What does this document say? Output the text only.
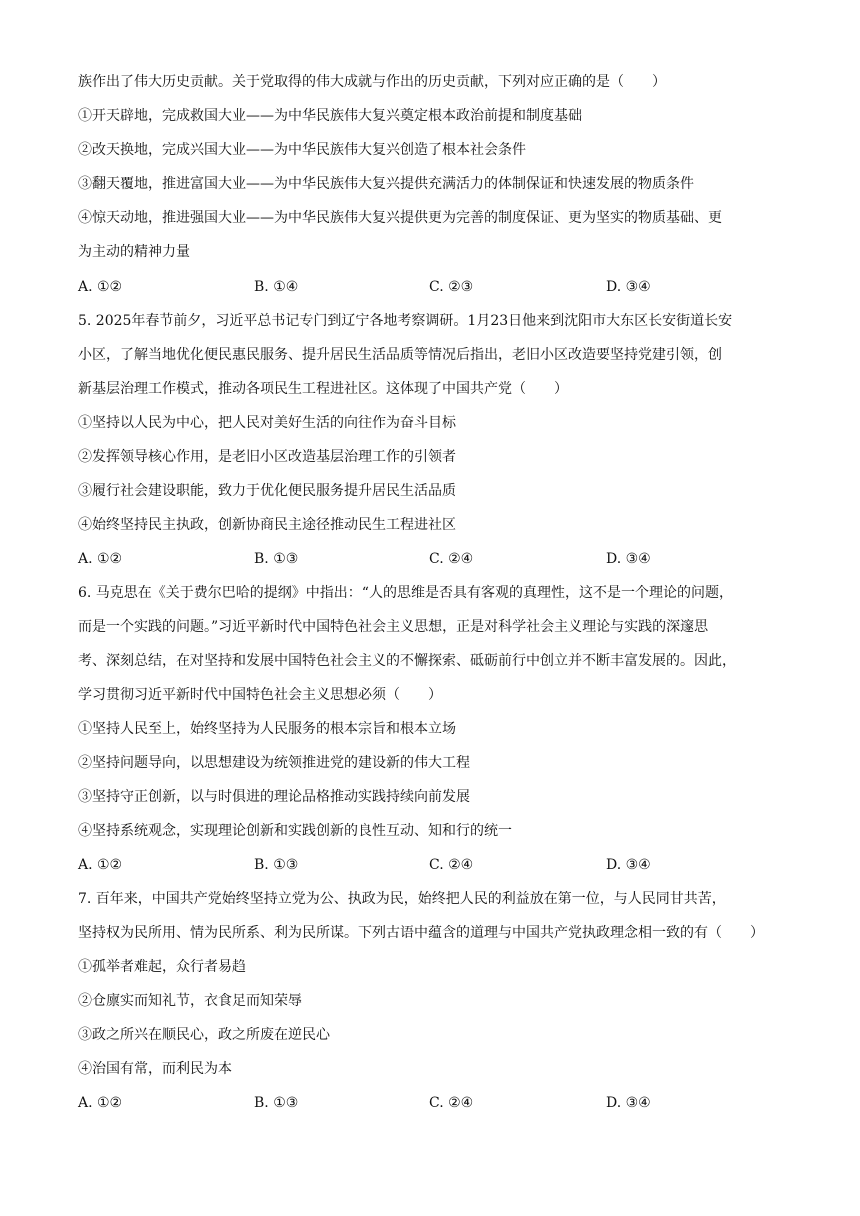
族作出了伟大历史贡献。关于党取得的伟大成就与作出的历史贡献，下列对应正确的是（　　）
①开天辟地，完成救国大业——为中华民族伟大复兴奠定根本政治前提和制度基础
②改天换地，完成兴国大业——为中华民族伟大复兴创造了根本社会条件
③翻天覆地，推进富国大业——为中华民族伟大复兴提供充满活力的体制保证和快速发展的物质条件
④惊天动地，推进强国大业——为中华民族伟大复兴提供更为完善的制度保证、更为坚实的物质基础、更
为主动的精神力量
A. ①②	B. ①④	C. ②③	D. ③④
5. 2025年春节前夕，习近平总书记专门到辽宁各地考察调研。1月23日他来到沈阳市大东区长安街道长安
小区，了解当地优化便民惠民服务、提升居民生活品质等情况后指出，老旧小区改造要坚持党建引领，创
新基层治理工作模式，推动各项民生工程进社区。这体现了中国共产党（　　）
①坚持以人民为中心，把人民对美好生活的向往作为奋斗目标
②发挥领导核心作用，是老旧小区改造基层治理工作的引领者
③履行社会建设职能，致力于优化便民服务提升居民生活品质
④始终坚持民主执政，创新协商民主途径推动民生工程进社区
A. ①②	B. ①③	C. ②④	D. ③④
6. 马克思在《关于费尔巴哈的提纲》中指出：“人的思维是否具有客观的真理性，这不是一个理论的问题，
而是一个实践的问题。”习近平新时代中国特色社会主义思想，正是对科学社会主义理论与实践的深邃思
考、深刻总结，在对坚持和发展中国特色社会主义的不懈探索、砥砺前行中创立并不断丰富发展的。因此，
学习贯彻习近平新时代中国特色社会主义思想必须（　　）
①坚持人民至上，始终坚持为人民服务的根本宗旨和根本立场
②坚持问题导向，以思想建设为统领推进党的建设新的伟大工程
③坚持守正创新，以与时俱进的理论品格推动实践持续向前发展
④坚持系统观念，实现理论创新和实践创新的良性互动、知和行的统一
A. ①②	B. ①③	C. ②④	D. ③④
7. 百年来，中国共产党始终坚持立党为公、执政为民，始终把人民的利益放在第一位，与人民同甘共苦，
坚持权为民所用、情为民所系、利为民所谋。下列古语中蕴含的道理与中国共产党执政理念相一致的有（　　）
①孤举者难起，众行者易趋
②仓廪实而知礼节，衣食足而知荣辱
③政之所兴在顺民心，政之所废在逆民心
④治国有常，而利民为本
A. ①②	B. ①③	C. ②④	D. ③④
